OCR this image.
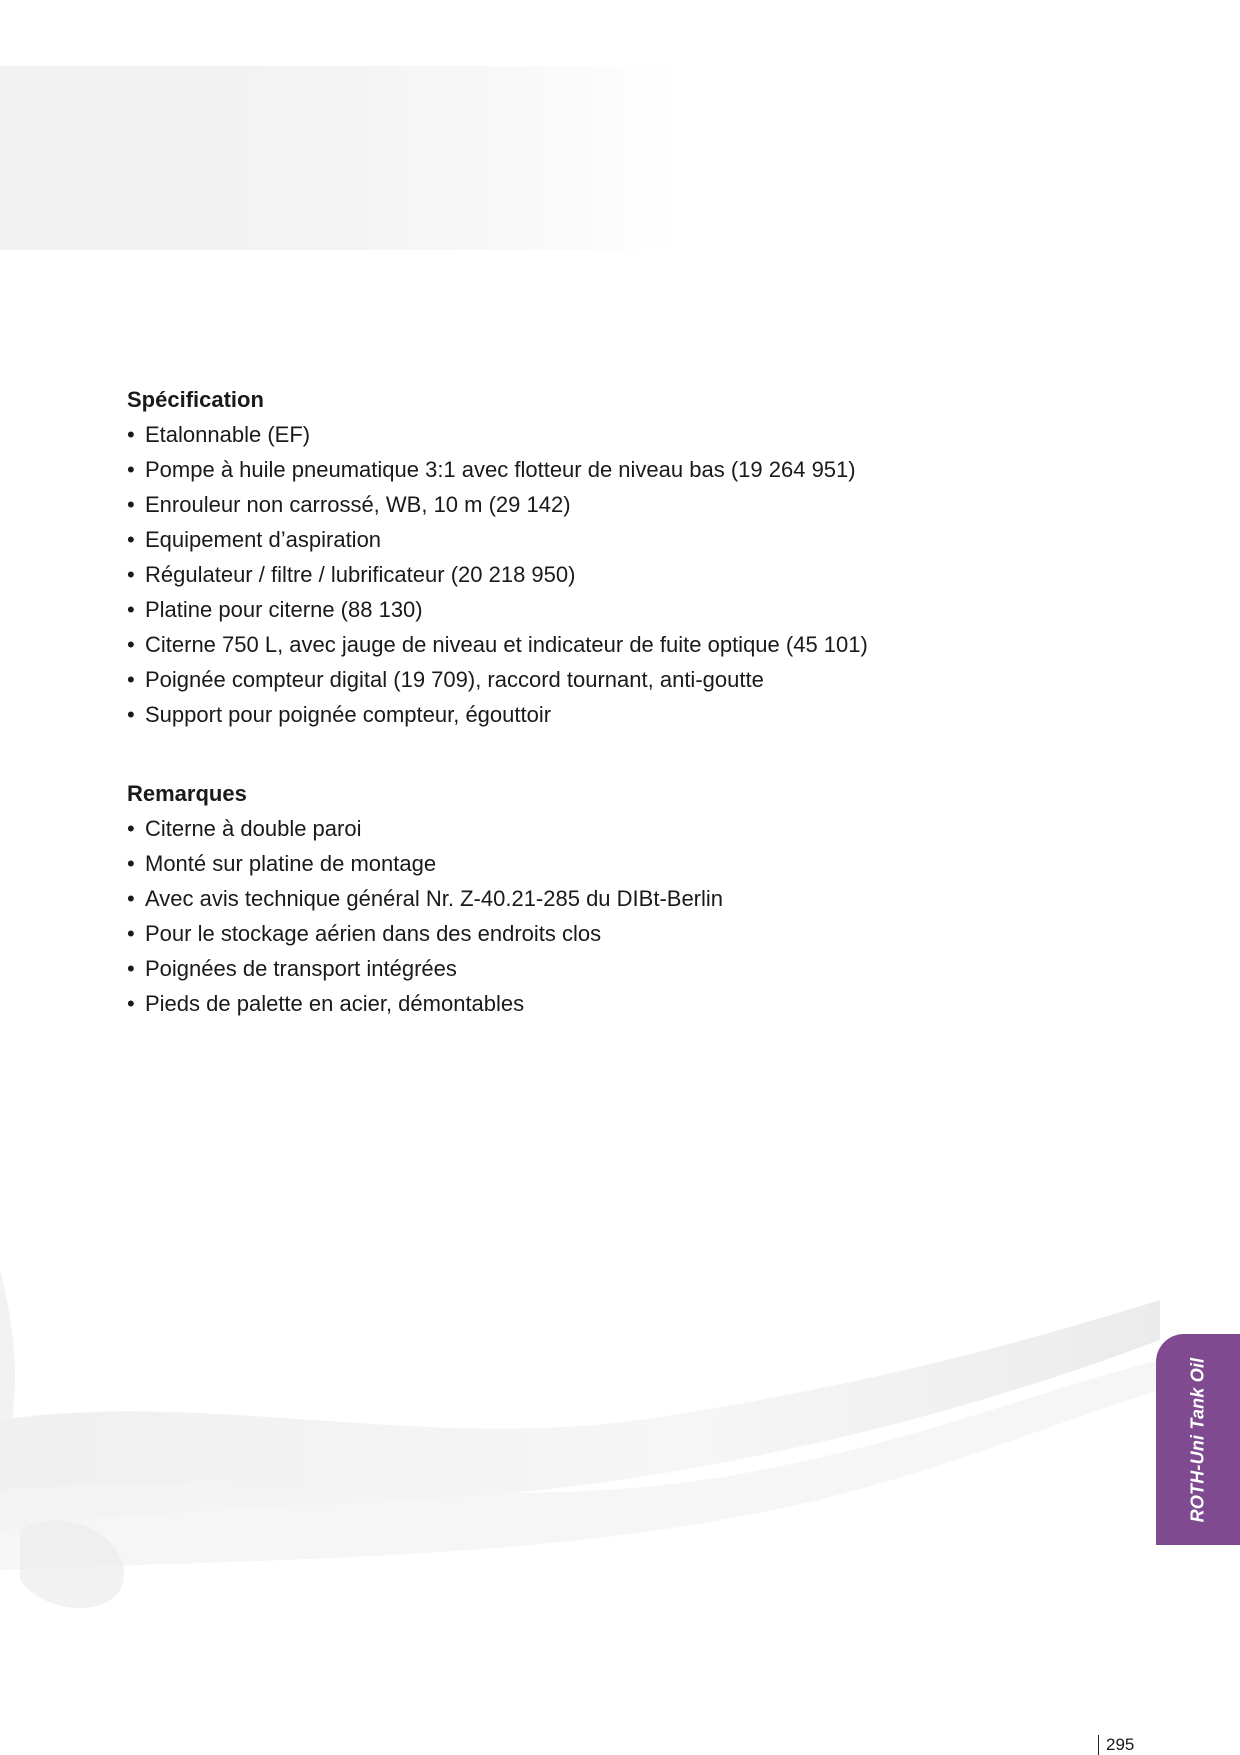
Spécification
• Etalonnable (EF)
• Pompe à huile pneumatique 3:1 avec flotteur de niveau bas (19 264 951)
• Enrouleur non carrossé, WB, 10 m (29 142)
• Equipement d’aspiration
• Régulateur / filtre / lubrificateur (20 218 950)
• Platine pour citerne (88 130)
• Citerne 750 L, avec jauge de niveau et indicateur de fuite optique (45 101)
• Poignée compteur digital (19 709), raccord tournant, anti-goutte
• Support pour poignée compteur, égouttoir
Remarques
• Citerne à double paroi
• Monté sur platine de montage
• Avec avis technique général Nr. Z-40.21-285 du DIBt-Berlin
• Pour le stockage aérien dans des endroits clos
• Poignées de transport intégrées
• Pieds de palette en acier, démontables
ROTH-Uni Tank Oil
295
